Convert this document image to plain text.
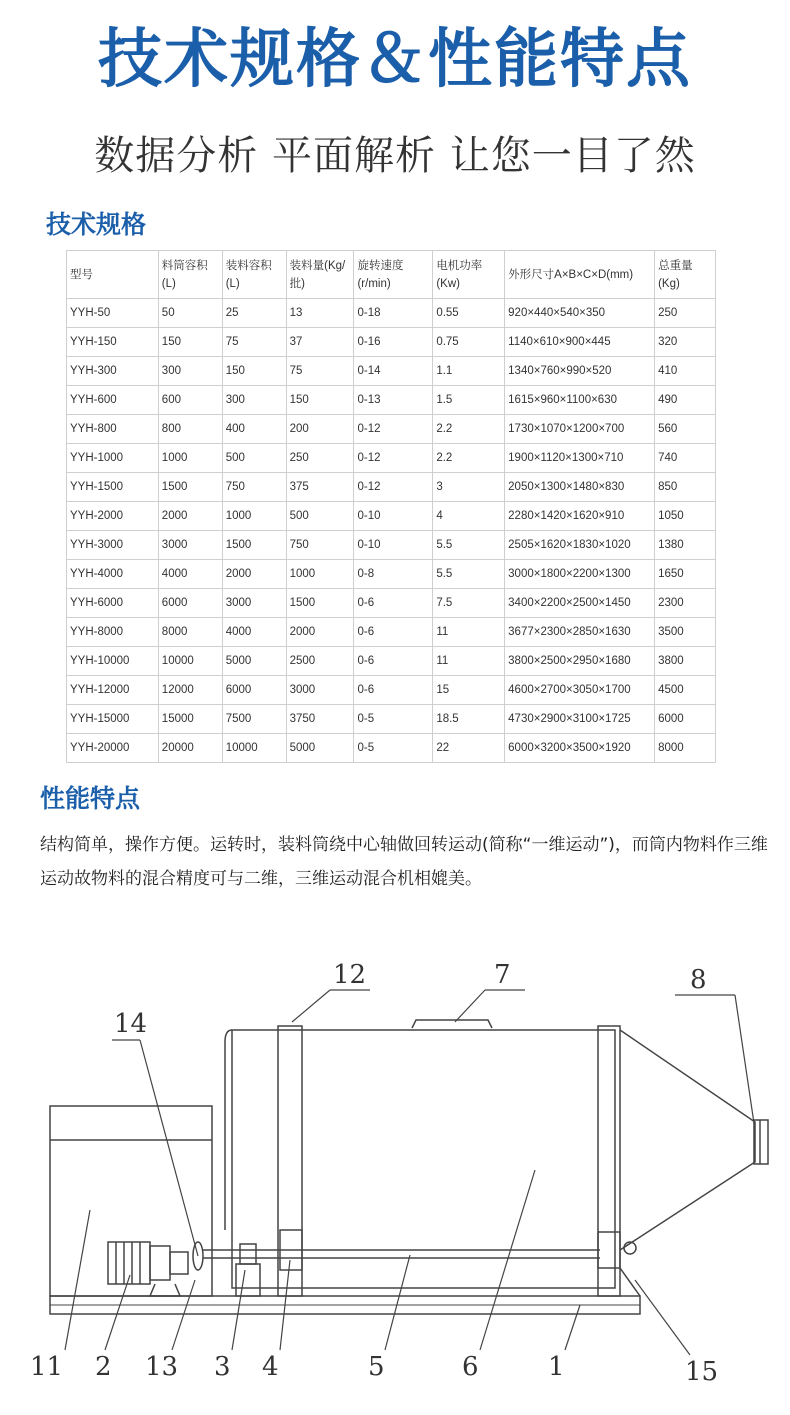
技术规格＆性能特点
数据分析 平面解析 让您一目了然
技术规格
型号	料筒容积(L)	装料容积(L)	装料量(Kg/批)	旋转速度(r/min)	电机功率(Kw)	外形尺寸A×B×C×D(mm)	总重量(Kg)
YYH-50	50	25	13	0-18	0.55	920×440×540×350	250
YYH-150	150	75	37	0-16	0.75	1140×610×900×445	320
YYH-300	300	150	75	0-14	1.1	1340×760×990×520	410
YYH-600	600	300	150	0-13	1.5	1615×960×1100×630	490
YYH-800	800	400	200	0-12	2.2	1730×1070×1200×700	560
YYH-1000	1000	500	250	0-12	2.2	1900×1120×1300×710	740
YYH-1500	1500	750	375	0-12	3	2050×1300×1480×830	850
YYH-2000	2000	1000	500	0-10	4	2280×1420×1620×910	1050
YYH-3000	3000	1500	750	0-10	5.5	2505×1620×1830×1020	1380
YYH-4000	4000	2000	1000	0-8	5.5	3000×1800×2200×1300	1650
YYH-6000	6000	3000	1500	0-6	7.5	3400×2200×2500×1450	2300
YYH-8000	8000	4000	2000	0-6	11	3677×2300×2850×1630	3500
YYH-10000	10000	5000	2500	0-6	11	3800×2500×2950×1680	3800
YYH-12000	12000	6000	3000	0-6	15	4600×2700×3050×1700	4500
YYH-15000	15000	7500	3750	0-5	18.5	4730×2900×3100×1725	6000
YYH-20000	20000	10000	5000	0-5	22	6000×3200×3500×1920	8000
性能特点
结构简单，操作方便。运转时，装料筒绕中心轴做回转运动(简称“一维运动”)，而筒内物料作三维运动故物料的混合精度可与二维，三维运动混合机相媲美。
12	7	8
14
11 2 13 3 4	5	6	1	15
